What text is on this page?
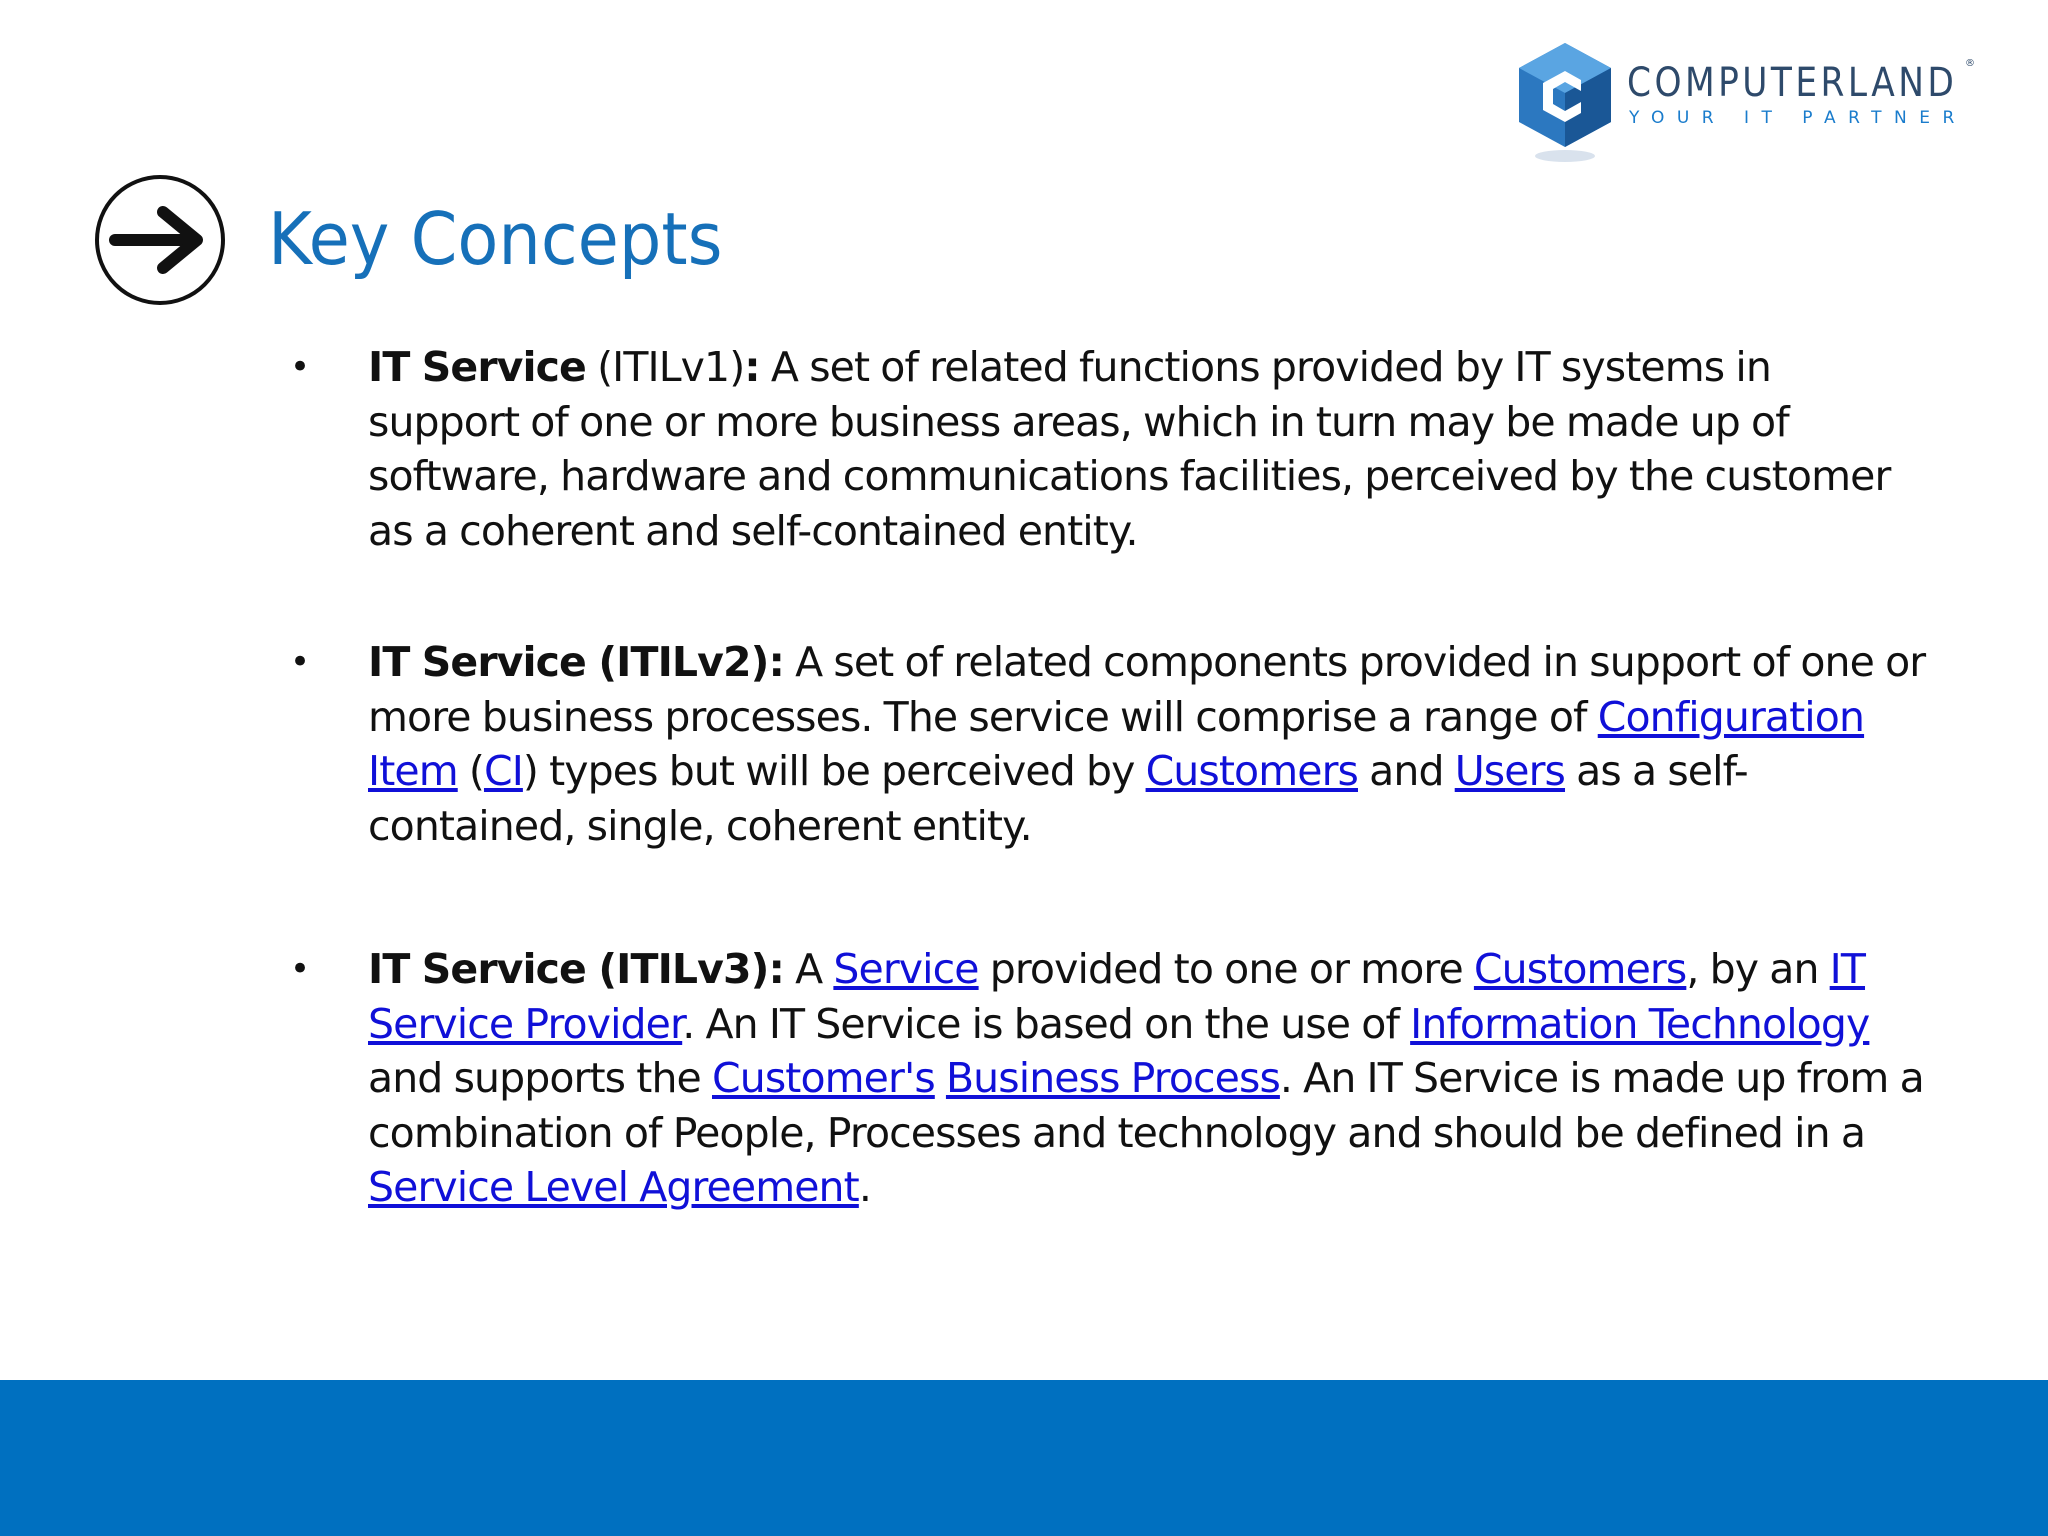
COMPUTERLAND ®
YOUR IT PARTNER
Key Concepts
• IT Service (ITILv1): A set of related functions provided by IT systems in support of one or more business areas, which in turn may be made up of software, hardware and communications facilities, perceived by the customer as a coherent and self-contained entity.
• IT Service (ITILv2): A set of related components provided in support of one or more business processes. The service will comprise a range of Configuration Item (CI) types but will be perceived by Customers and Users as a self-contained, single, coherent entity.
• IT Service (ITILv3): A Service provided to one or more Customers, by an IT Service Provider. An IT Service is based on the use of Information Technology and supports the Customer's Business Process. An IT Service is made up from a combination of People, Processes and technology and should be defined in a Service Level Agreement.
